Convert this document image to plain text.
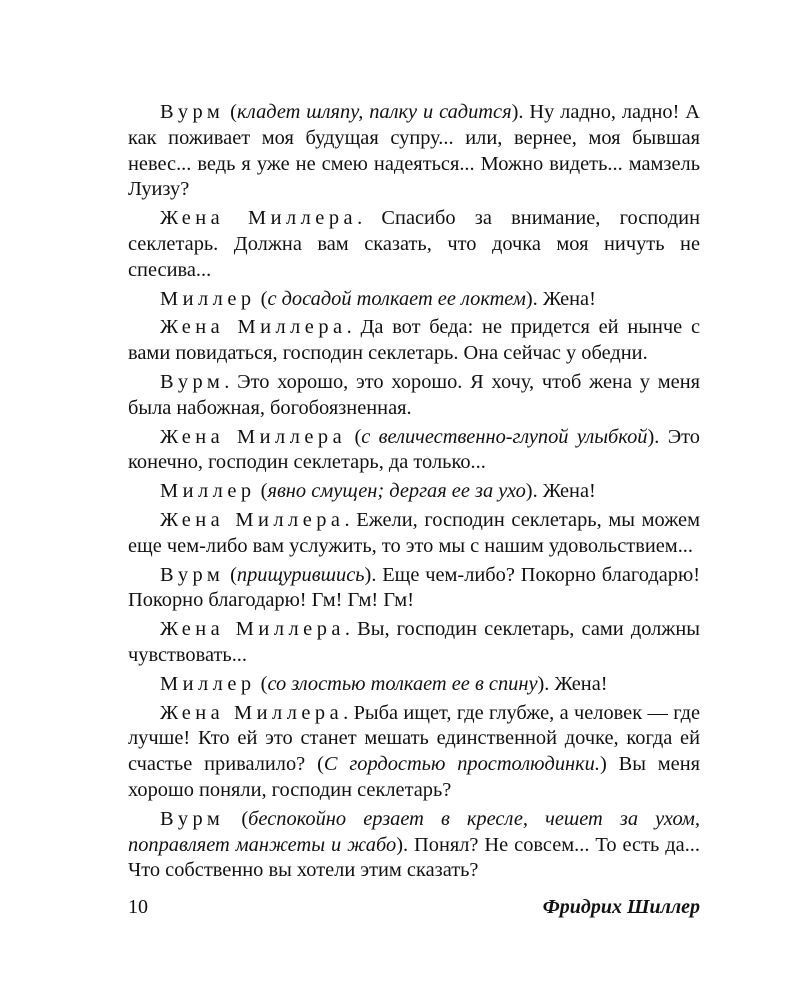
Вурм (кладет шляпу, палку и садится). Ну ладно, ладно! А как поживает моя будущая супру... или, вернее, моя бывшая невес... ведь я уже не смею надеяться... Можно видеть... мамзель Луизу?

Жена Миллера. Спасибо за внимание, господин секлетарь. Должна вам сказать, что дочка моя ничуть не спесива...

Миллер (с досадой толкает ее локтем). Жена!

Жена Миллера. Да вот беда: не придется ей нынче с вами повидаться, господин секлетарь. Она сейчас у обедни.

Вурм. Это хорошо, это хорошо. Я хочу, чтоб жена у меня была набожная, богобоязненная.

Жена Миллера (с величественно-глупой улыбкой). Это конечно, господин секлетарь, да только...

Миллер (явно смущен; дергая ее за ухо). Жена!

Жена Миллера. Ежели, господин секлетарь, мы можем еще чем-либо вам услужить, то это мы с нашим удовольствием...

Вурм (прищурившись). Еще чем-либо? Покорно благодарю! Покорно благодарю! Гм! Гм! Гм!

Жена Миллера. Вы, господин секлетарь, сами должны чувствовать...

Миллер (со злостью толкает ее в спину). Жена!

Жена Миллера. Рыба ищет, где глубже, а человек — где лучше! Кто ей это станет мешать единственной дочке, когда ей счастье привалило? (С гордостью простолюдинки.) Вы меня хорошо поняли, господин секлетарь?

Вурм (беспокойно ерзает в кресле, чешет за ухом, поправляет манжеты и жабо). Понял? Не совсем... То есть да... Что собственно вы хотели этим сказать?

10	Фридрих Шиллер
